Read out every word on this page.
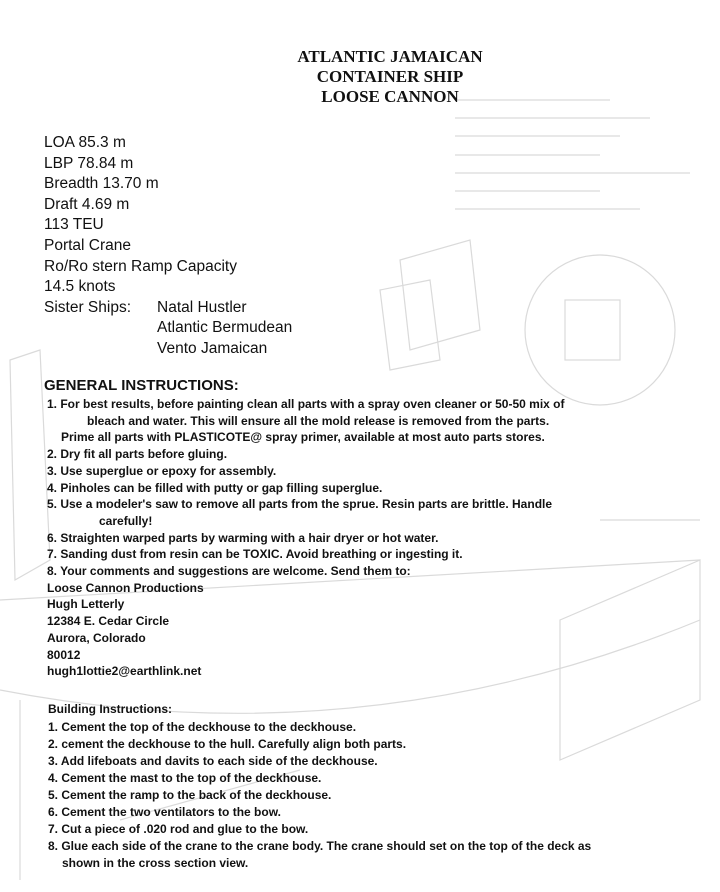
ATLANTIC JAMAICAN
CONTAINER SHIP
LOOSE CANNON
LOA 85.3 m
LBP 78.84 m
Breadth 13.70 m
Draft 4.69 m
113 TEU
Portal Crane
Ro/Ro stern Ramp Capacity
14.5 knots
Sister Ships:	Natal Hustler
Atlantic Bermudean
Vento Jamaican
GENERAL INSTRUCTIONS:
1. For best results, before painting clean all parts with a spray oven cleaner or 50-50 mix of
bleach and water. This will ensure all the mold release is removed from the parts.
Prime all parts with PLASTICOTE@ spray primer, available at most auto parts stores.
2. Dry fit all parts before gluing.
3. Use superglue or epoxy for assembly.
4. Pinholes can be filled with putty or gap filling superglue.
5. Use a modeler's saw to remove all parts from the sprue. Resin parts are brittle. Handle
carefully!
6. Straighten warped parts by warming with a hair dryer or hot water.
7. Sanding dust from resin can be TOXIC. Avoid breathing or ingesting it.
8. Your comments and suggestions are welcome. Send them to:
Loose Cannon Productions
Hugh Letterly
12384 E. Cedar Circle
Aurora, Colorado
80012
hugh1lottie2@earthlink.net
Building Instructions:
1. Cement the top of the deckhouse to the deckhouse.
2. cement the deckhouse to the hull. Carefully align both parts.
3. Add lifeboats and davits to each side of the deckhouse.
4. Cement the mast to the top of the deckhouse.
5. Cement the ramp to the back of the deckhouse.
6. Cement the two ventilators to the bow.
7. Cut a piece of .020 rod and glue to the bow.
8. Glue each side of the crane to the crane body. The crane should set on the top of the deck as
shown in the cross section view.
